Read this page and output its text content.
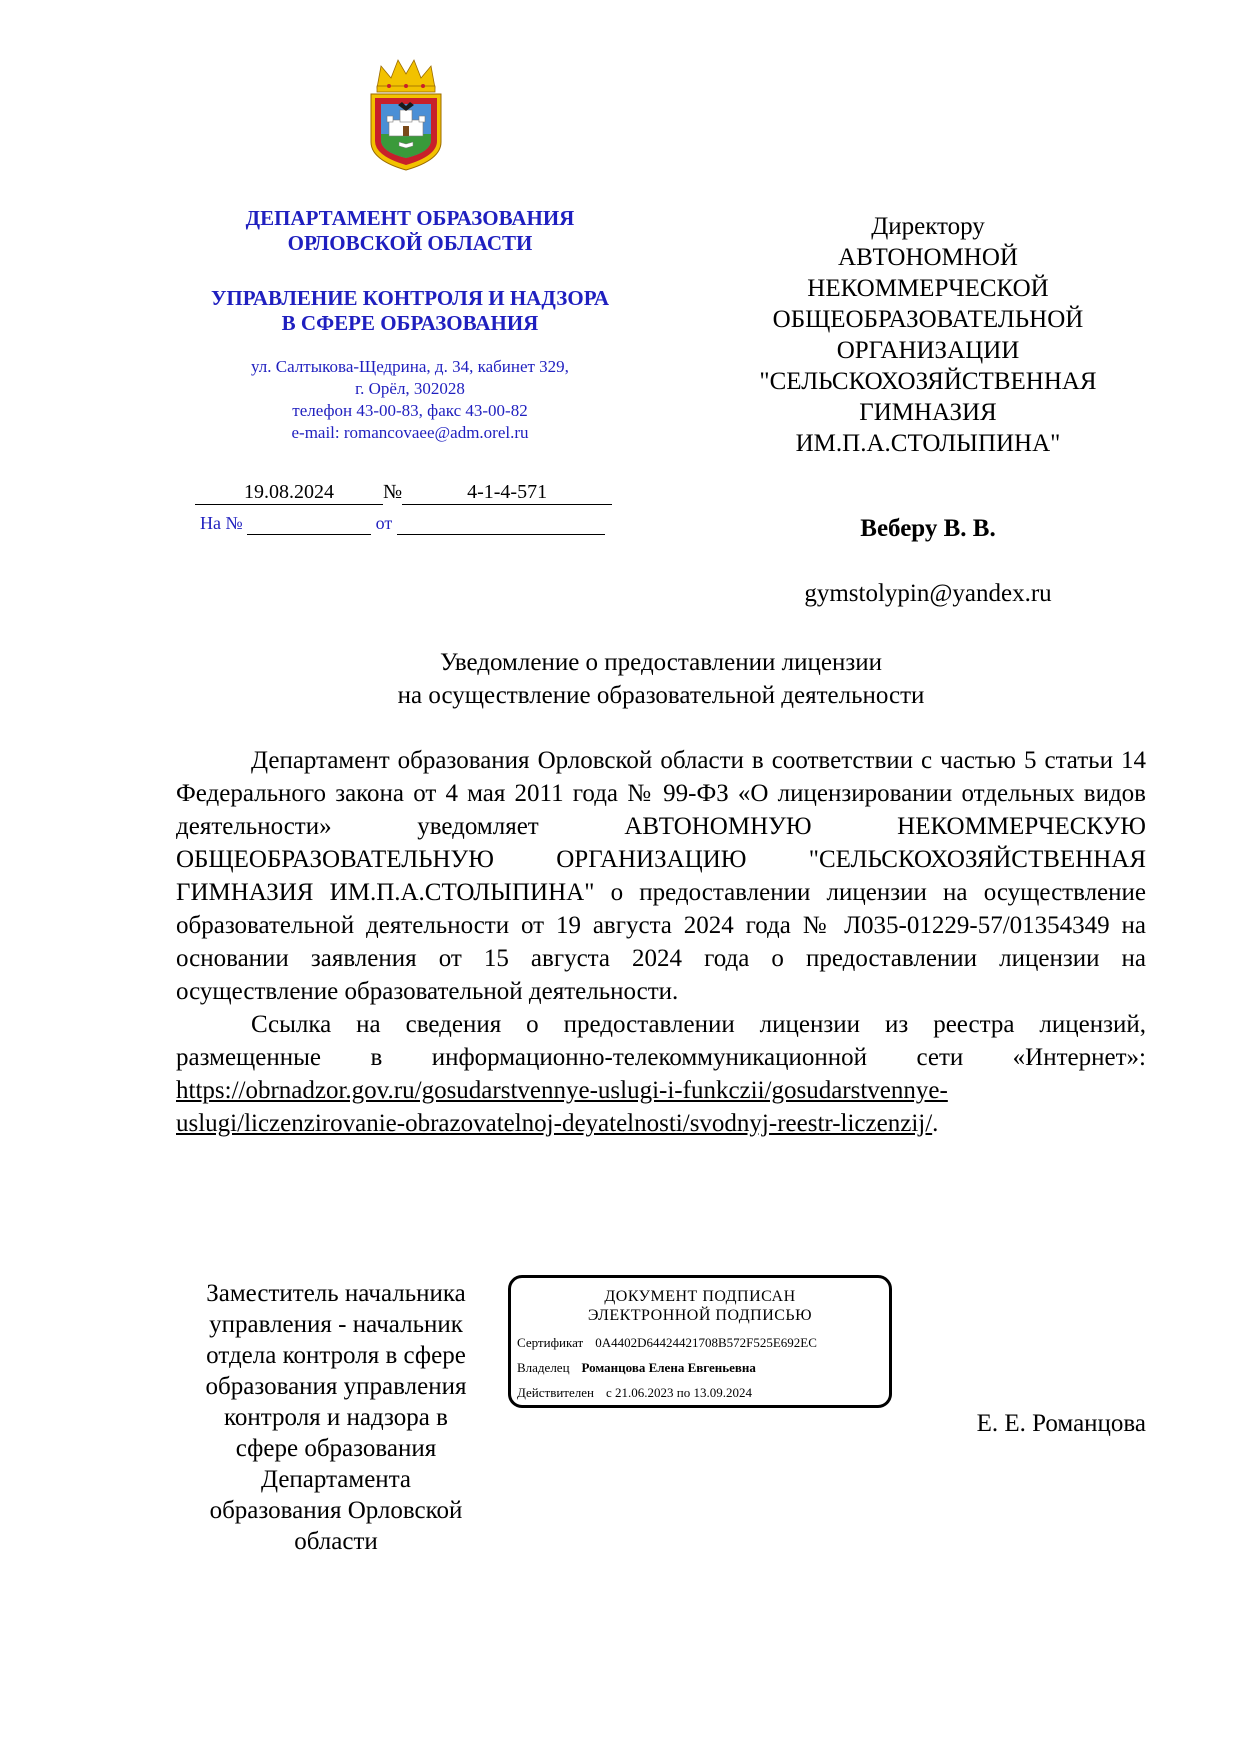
ДЕПАРТАМЕНТ ОБРАЗОВАНИЯ
ОРЛОВСКОЙ ОБЛАСТИ
УПРАВЛЕНИЕ КОНТРОЛЯ И НАДЗОРА
В СФЕРЕ ОБРАЗОВАНИЯ
ул. Салтыкова-Щедрина, д. 34, кабинет 329,
г. Орёл, 302028
телефон 43-00-83, факс 43-00-82
e-mail: romancovaee@adm.orel.ru
19.08.2024 №	4-1-4-571
На №	от
Директору
АВТОНОМНОЙ
НЕКОММЕРЧЕСКОЙ
ОБЩЕОБРАЗОВАТЕЛЬНОЙ
ОРГАНИЗАЦИИ
"СЕЛЬСКОХОЗЯЙСТВЕННАЯ
ГИМНАЗИЯ
ИМ.П.А.СТОЛЫПИНА"
Веберу В. В.
gymstolypin@yandex.ru
Уведомление о предоставлении лицензии
на осуществление образовательной деятельности

Департамент образования Орловской области в соответствии с частью 5 статьи 14 Федерального закона от 4 мая 2011 года № 99-ФЗ «О лицензировании отдельных видов деятельности» уведомляет АВТОНОМНУЮ НЕКОММЕРЧЕСКУЮ ОБЩЕОБРАЗОВАТЕЛЬНУЮ ОРГАНИЗАЦИЮ "СЕЛЬСКОХОЗЯЙСТВЕННАЯ ГИМНАЗИЯ ИМ.П.А.СТОЛЫПИНА" о предоставлении лицензии на осуществление образовательной деятельности от 19 августа 2024 года № Л035-01229-57/01354349 на основании заявления от 15 августа 2024 года о предоставлении лицензии на осуществление образовательной деятельности.

Ссылка на сведения о предоставлении лицензии из реестра лицензий, размещенные в информационно-телекоммуникационной сети «Интернет»: https://obrnadzor.gov.ru/gosudarstvennye-uslugi-i-funkczii/gosudarstvennye- uslugi/liczenzirovanie-obrazovatelnoj-deyatelnosti/svodnyj-reestr-liczenzij/.

Заместитель начальника
управления - начальник
отдела контроля в сфере
образования управления
контроля и надзора в
сфере образования
Департамента
образования Орловской
области
ДОКУМЕНТ ПОДПИСАН
ЭЛЕКТРОННОЙ ПОДПИСЬЮ
Сертификат 0A4402D64424421708B572F525E692EC
Владелец Романцова Елена Евгеньевна
Действителен с 21.06.2023 по 13.09.2024
Е. Е. Романцова
